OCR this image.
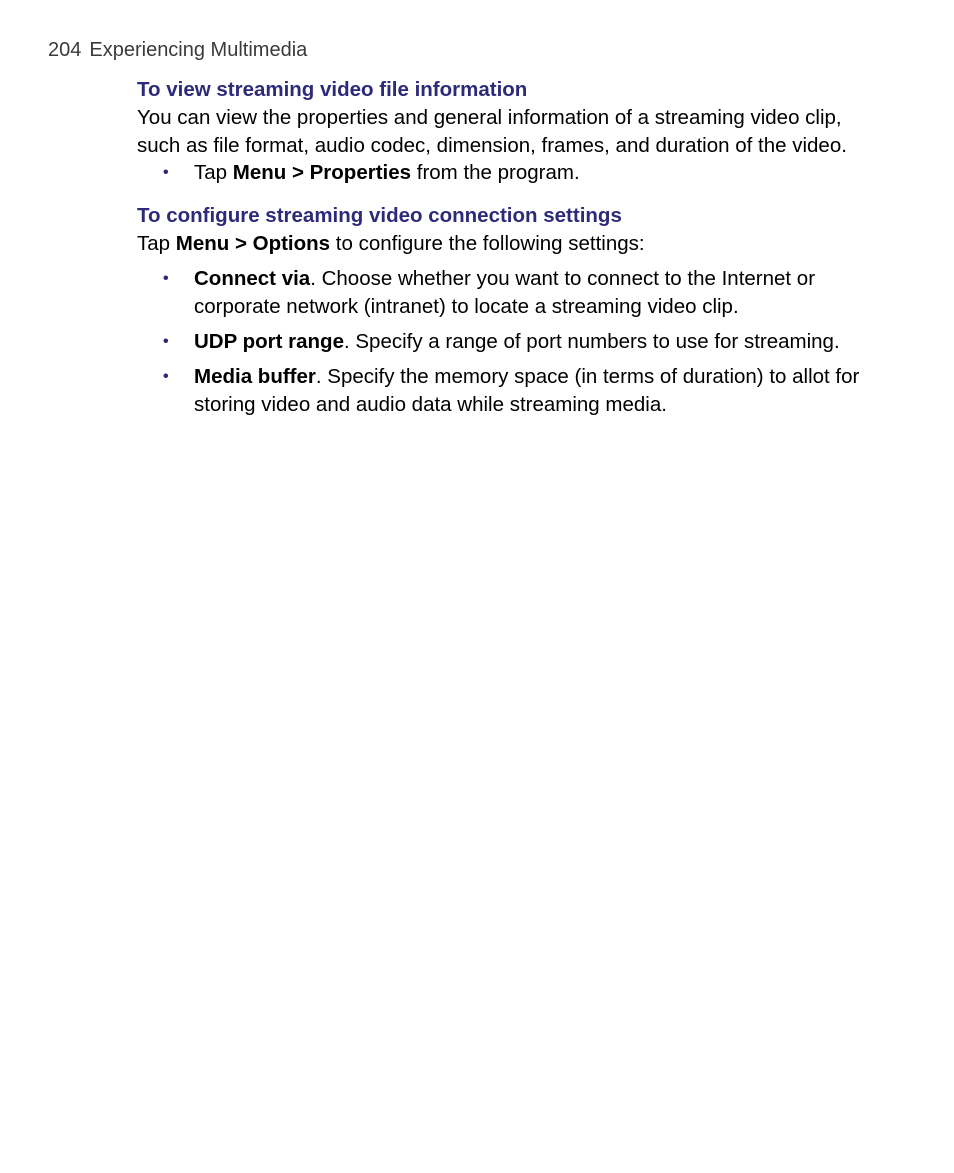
204 Experiencing Multimedia
To view streaming video file information

You can view the properties and general information of a streaming video clip, such as file format, audio codec, dimension, frames, and duration of the video.

• Tap Menu > Properties from the program.
To configure streaming video connection settings

Tap Menu > Options to configure the following settings:

• Connect via. Choose whether you want to connect to the Internet or corporate network (intranet) to locate a streaming video clip.
• UDP port range. Specify a range of port numbers to use for streaming.
• Media buffer. Specify the memory space (in terms of duration) to allot for storing video and audio data while streaming media.
